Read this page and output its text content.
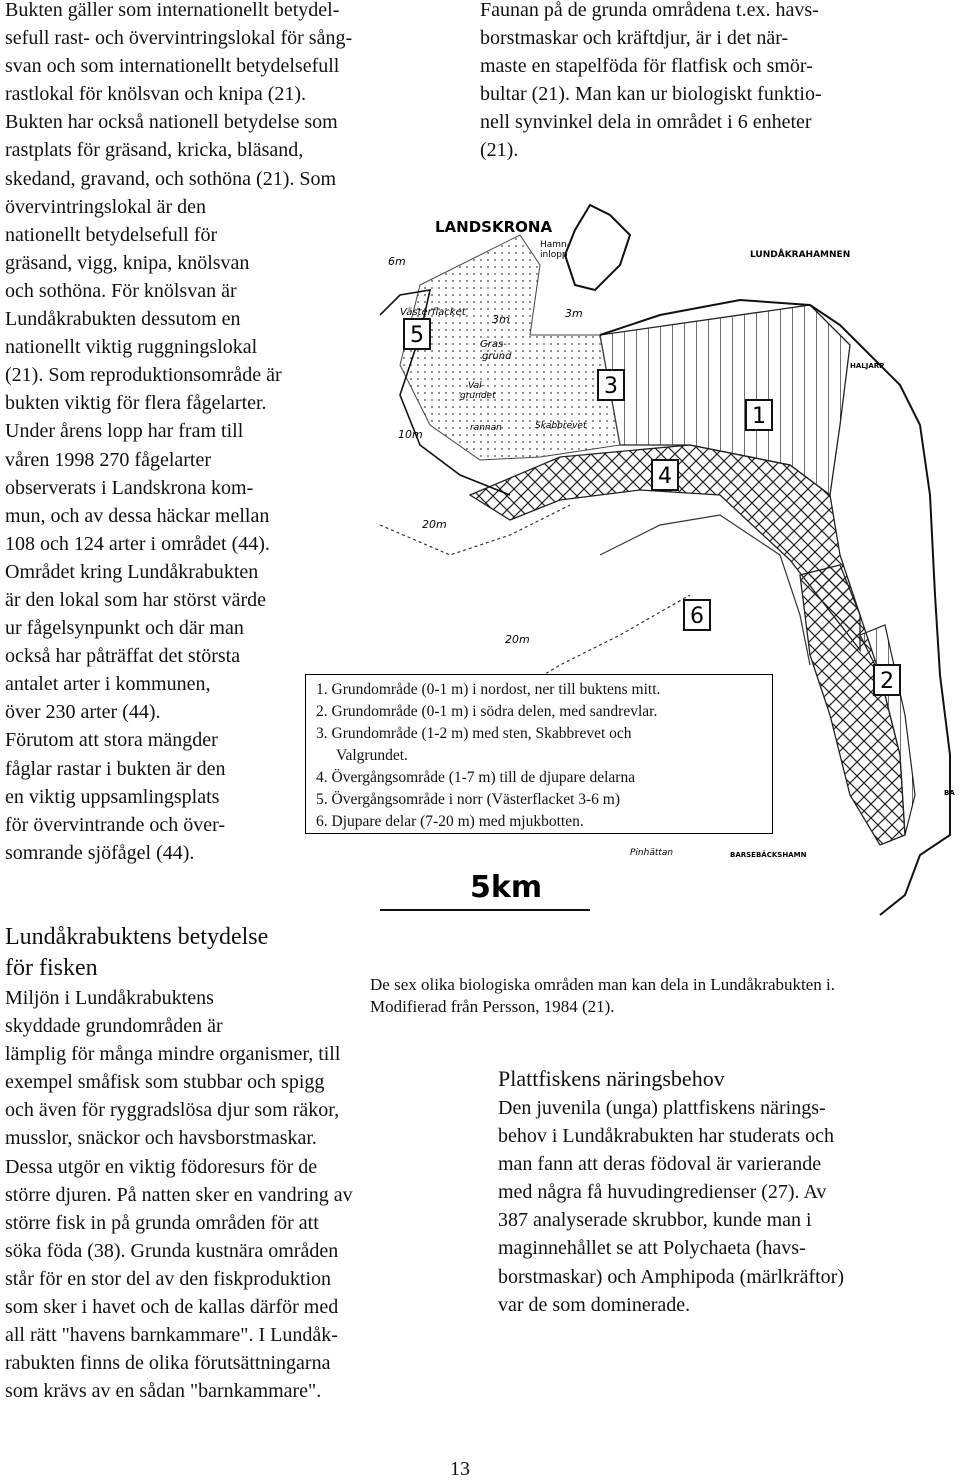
Bukten gäller som internationellt betydel-
sefull rast- och övervintringslokal för sång-
svan och som internationellt betydelsefull
rastlokal för knölsvan och knipa (21).
Bukten har också nationell betydelse som
rastplats för gräsand, kricka, bläsand,
skedand, gravand, och sothöna (21). Som
övervintringslokal är den
nationellt betydelsefull för
gräsand, vigg, knipa, knölsvan
och sothöna. För knölsvan är
Lundåkrabukten dessutom en
nationellt viktig ruggningslokal
(21). Som reproduktionsområde är
bukten viktig för flera fågelarter.
Under årens lopp har fram till
våren 1998 270 fågelarter
observerats i Landskrona kom-
mun, och av dessa häckar mellan
108 och 124 arter i området (44).
Området kring Lundåkrabukten
är den lokal som har störst värde
ur fågelsynpunkt och där man
också har påträffat det största
antalet arter i kommunen,
över 230 arter (44).
Förutom att stora mängder
fåglar rastar i bukten är den
en viktig uppsamlingsplats
för övervintrande och över-
somrande sjöfågel (44).
Faunan på de grunda områdena t.ex. havs-
borstmaskar och kräftdjur, är i det när-
maste en stapelföda för flatfisk och smör-
bultar (21). Man kan ur biologiskt funktio-
nell synvinkel dela in området i 6 enheter
(21).
5
3
1
4
6
2
LANDSKRONA
Hamn-
inlopp	LUNDÅKRAHAMNEN
Västerflacket
Gras-
grund
Val-
grundet
rannan	Skabbrevet
HALJARP
Pinhättan	BARSEBÄCKSHAMN
BA
6m
3m	3m
10m
20m
20m
5km
1. Grundområde (0-1 m) i nordost, ner till buktens mitt.
2. Grundområde (0-1 m) i södra delen, med sandrevlar.
3. Grundområde (1-2 m) med sten, Skabbrevet och
Valgrundet.
4. Övergångsområde (1-7 m) till de djupare delarna
5. Övergångsområde i norr (Västerflacket 3-6 m)
6. Djupare delar (7-20 m) med mjukbotten.
De sex olika biologiska områden man kan dela in Lundåkrabukten i.
Modifierad från Persson, 1984 (21).
Lundåkrabuktens betydelse
för fisken
Miljön i Lundåkrabuktens
skyddade grundområden är
lämplig för många mindre organismer, till
exempel småfisk som stubbar och spigg
och även för ryggradslösa djur som räkor,
musslor, snäckor och havsborstmaskar.
Dessa utgör en viktig födoresurs för de
större djuren. På natten sker en vandring av
större fisk in på grunda områden för att
söka föda (38). Grunda kustnära områden
står för en stor del av den fiskproduktion
som sker i havet och de kallas därför med
all rätt "havens barnkammare". I Lundåk-
rabukten finns de olika förutsättningarna
som krävs av en sådan "barnkammare".
Plattfiskens näringsbehov
Den juvenila (unga) plattfiskens närings-
behov i Lundåkrabukten har studerats och
man fann att deras födoval är varierande
med några få huvudingredienser (27). Av
387 analyserade skrubbor, kunde man i
maginnehållet se att Polychaeta (havs-
borstmaskar) och Amphipoda (märlkräftor)
var de som dominerade.
13
